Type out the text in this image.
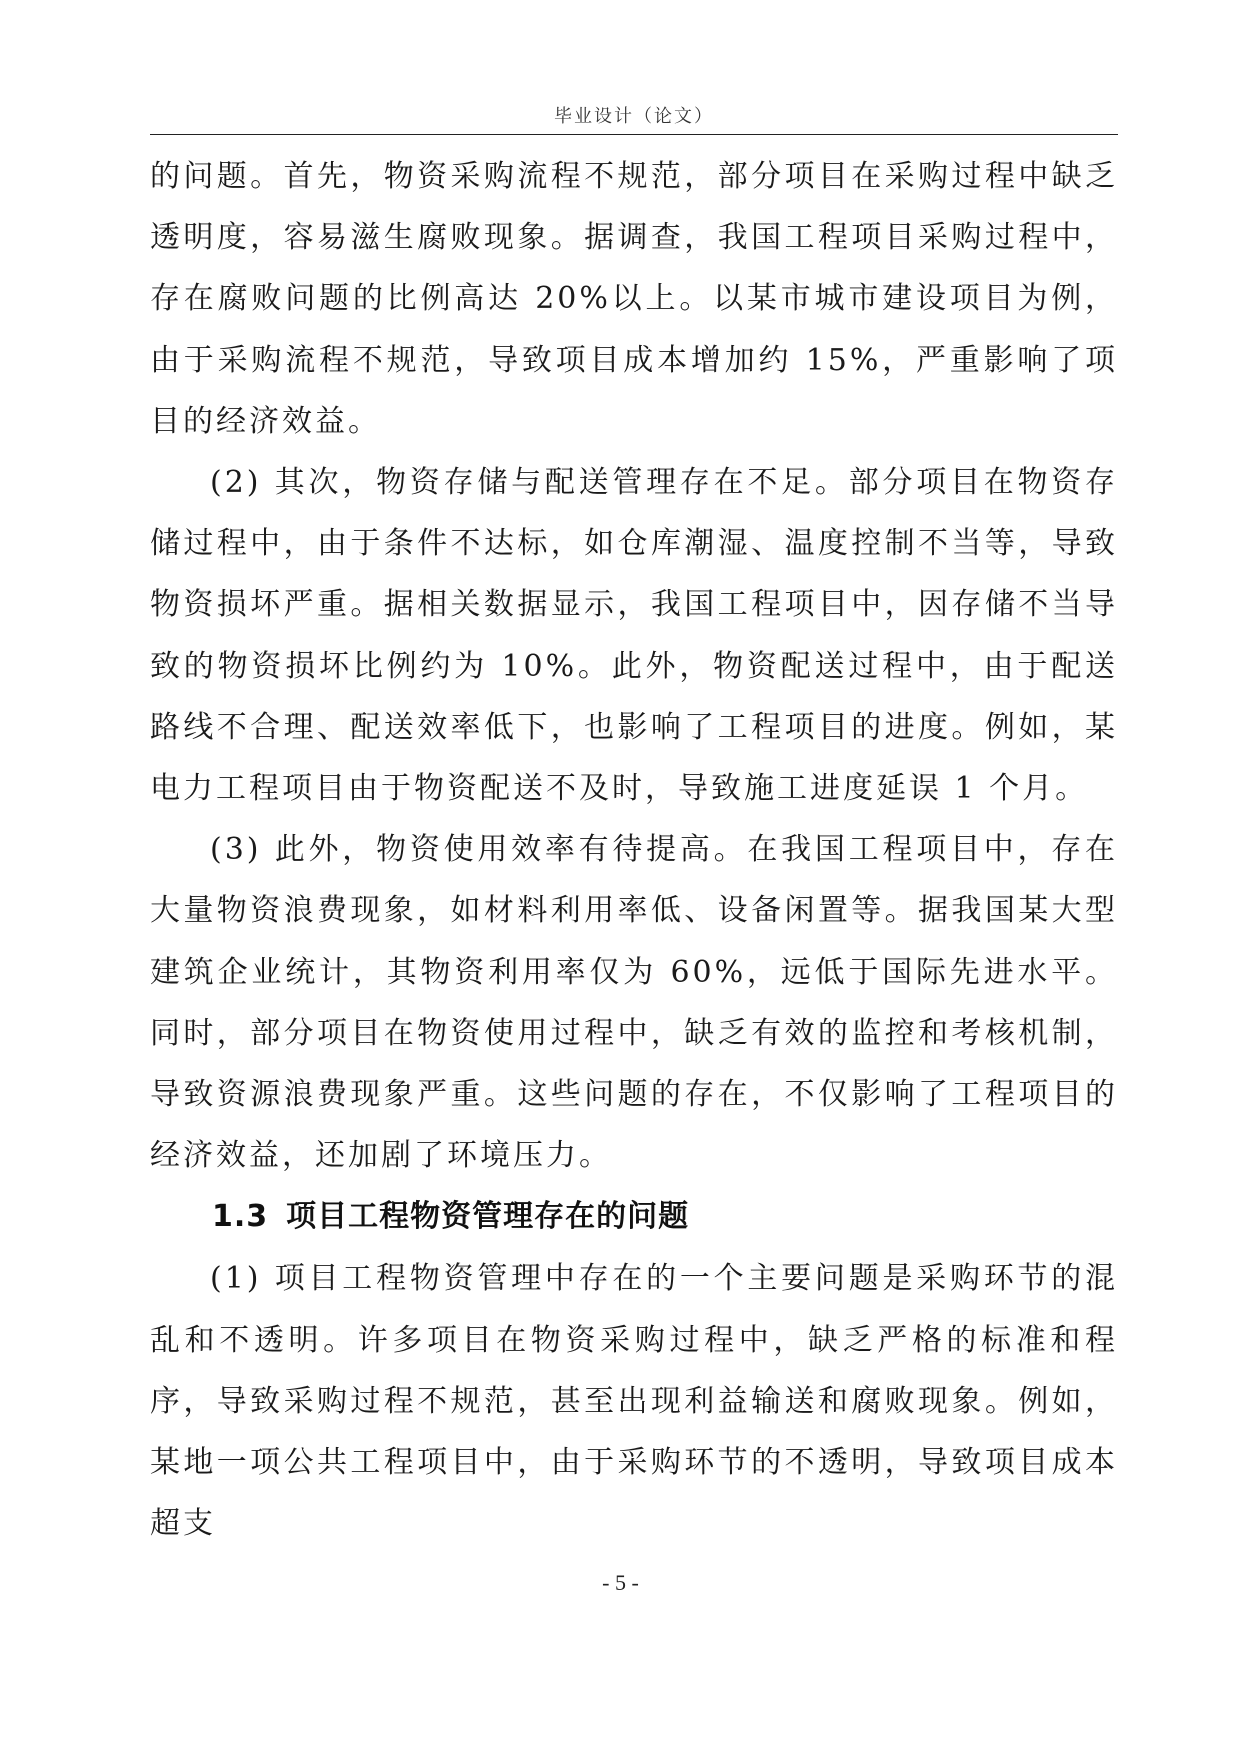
毕业设计（论文）

的问题。首先，物资采购流程不规范，部分项目在采购过程中缺乏透明度，容易滋生腐败现象。据调查，我国工程项目采购过程中，存在腐败问题的比例高达 20%以上。以某市城市建设项目为例，由于采购流程不规范，导致项目成本增加约 15%，严重影响了项目的经济效益。

(2) 其次，物资存储与配送管理存在不足。部分项目在物资存储过程中，由于条件不达标，如仓库潮湿、温度控制不当等，导致物资损坏严重。据相关数据显示，我国工程项目中，因存储不当导致的物资损坏比例约为 10%。此外，物资配送过程中，由于配送路线不合理、配送效率低下，也影响了工程项目的进度。例如，某电力工程项目由于物资配送不及时，导致施工进度延误 1 个月。

(3) 此外，物资使用效率有待提高。在我国工程项目中，存在大量物资浪费现象，如材料利用率低、设备闲置等。据我国某大型建筑企业统计，其物资利用率仅为 60%，远低于国际先进水平。同时，部分项目在物资使用过程中，缺乏有效的监控和考核机制，导致资源浪费现象严重。这些问题的存在，不仅影响了工程项目的经济效益，还加剧了环境压力。

1.3 项目工程物资管理存在的问题

(1) 项目工程物资管理中存在的一个主要问题是采购环节的混乱和不透明。许多项目在物资采购过程中，缺乏严格的标准和程序，导致采购过程不规范，甚至出现利益输送和腐败现象。例如，某地一项公共工程项目中，由于采购环节的不透明，导致项目成本超支

- 5 -
